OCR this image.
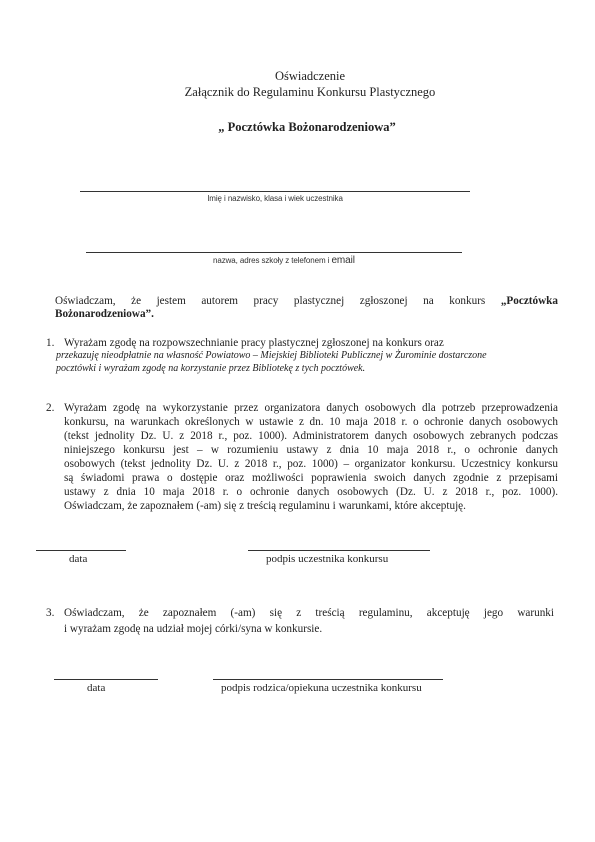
Oświadczenie
Załącznik do Regulaminu Konkursu Plastycznego
„ Pocztówka Bożonarodzeniowa”
Imię i nazwisko, klasa i wiek uczestnika
nazwa, adres szkoły z telefonem i email
Oświadczam, że jestem autorem pracy plastycznej zgłoszonej na konkurs „Pocztówka
Bożonarodzeniowa”.
1. Wyrażam zgodę na rozpowszechnianie pracy plastycznej zgłoszonej na konkurs oraz
przekazuję nieodpłatnie na własność Powiatowo – Miejskiej Biblioteki Publicznej w Żurominie dostarczone
pocztówki i wyrażam zgodę na korzystanie przez Bibliotekę z tych pocztówek.
2. Wyrażam zgodę na wykorzystanie przez organizatora danych osobowych dla potrzeb przeprowadzenia
konkursu, na warunkach określonych w ustawie z dn. 10 maja 2018 r. o ochronie danych osobowych
(tekst jednolity Dz. U. z 2018 r., poz. 1000). Administratorem danych osobowych zebranych podczas
niniejszego konkursu jest – w rozumieniu ustawy z dnia 10 maja 2018 r., o ochronie danych
osobowych (tekst jednolity Dz. U. z 2018 r., poz. 1000) – organizator konkursu. Uczestnicy konkursu
są świadomi prawa o dostępie oraz możliwości poprawienia swoich danych zgodnie z przepisami
ustawy z dnia 10 maja 2018 r. o ochronie danych osobowych (Dz. U. z 2018 r., poz. 1000).
Oświadczam, że zapoznałem (-am) się z treścią regulaminu i warunkami, które akceptuję.
data	podpis uczestnika konkursu
3. Oświadczam, że zapoznałem (-am) się z treścią regulaminu, akceptuję jego warunki
i wyrażam zgodę na udział mojej córki/syna w konkursie.
data	podpis rodzica/opiekuna uczestnika konkursu
